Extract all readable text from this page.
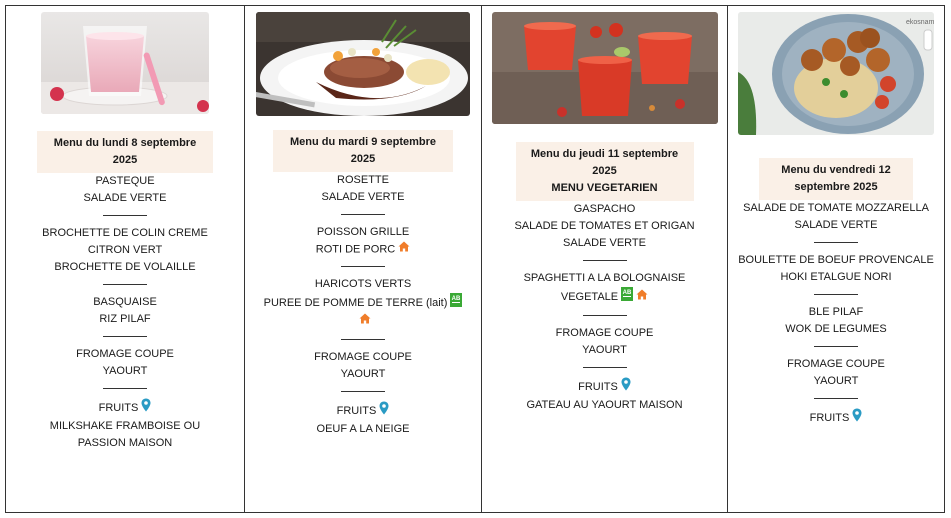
Menu du lundi 8 septembre
2025
PASTEQUE
SALADE VERTE
BROCHETTE DE COLIN CREME
CITRON VERT
BROCHETTE DE VOLAILLE
BASQUAISE
RIZ PILAF
FROMAGE COUPE
YAOURT
FRUITS
MILKSHAKE FRAMBOISE OU
PASSION MAISON
Menu du mardi 9 septembre
2025
ROSETTE
SALADE VERTE
POISSON GRILLE
ROTI DE PORC
HARICOTS VERTS
PUREE DE POMME DE TERRE (lait) AB
FROMAGE COUPE
YAOURT
FRUITS
OEUF A LA NEIGE
Menu du jeudi 11 septembre
2025
MENU VEGETARIEN
GASPACHO
SALADE DE TOMATES ET ORIGAN
SALADE VERTE
SPAGHETTI A LA BOLOGNAISE
VEGETALE AB
FROMAGE COUPE
YAOURT
FRUITS
GATEAU AU YAOURT MAISON
ekosnam
Menu du vendredi 12
septembre 2025
SALADE DE TOMATE MOZZARELLA
SALADE VERTE
BOULETTE DE BOEUF PROVENCALE
HOKI ETALGUE NORI
BLE PILAF
WOK DE LEGUMES
FROMAGE COUPE
YAOURT
FRUITS
